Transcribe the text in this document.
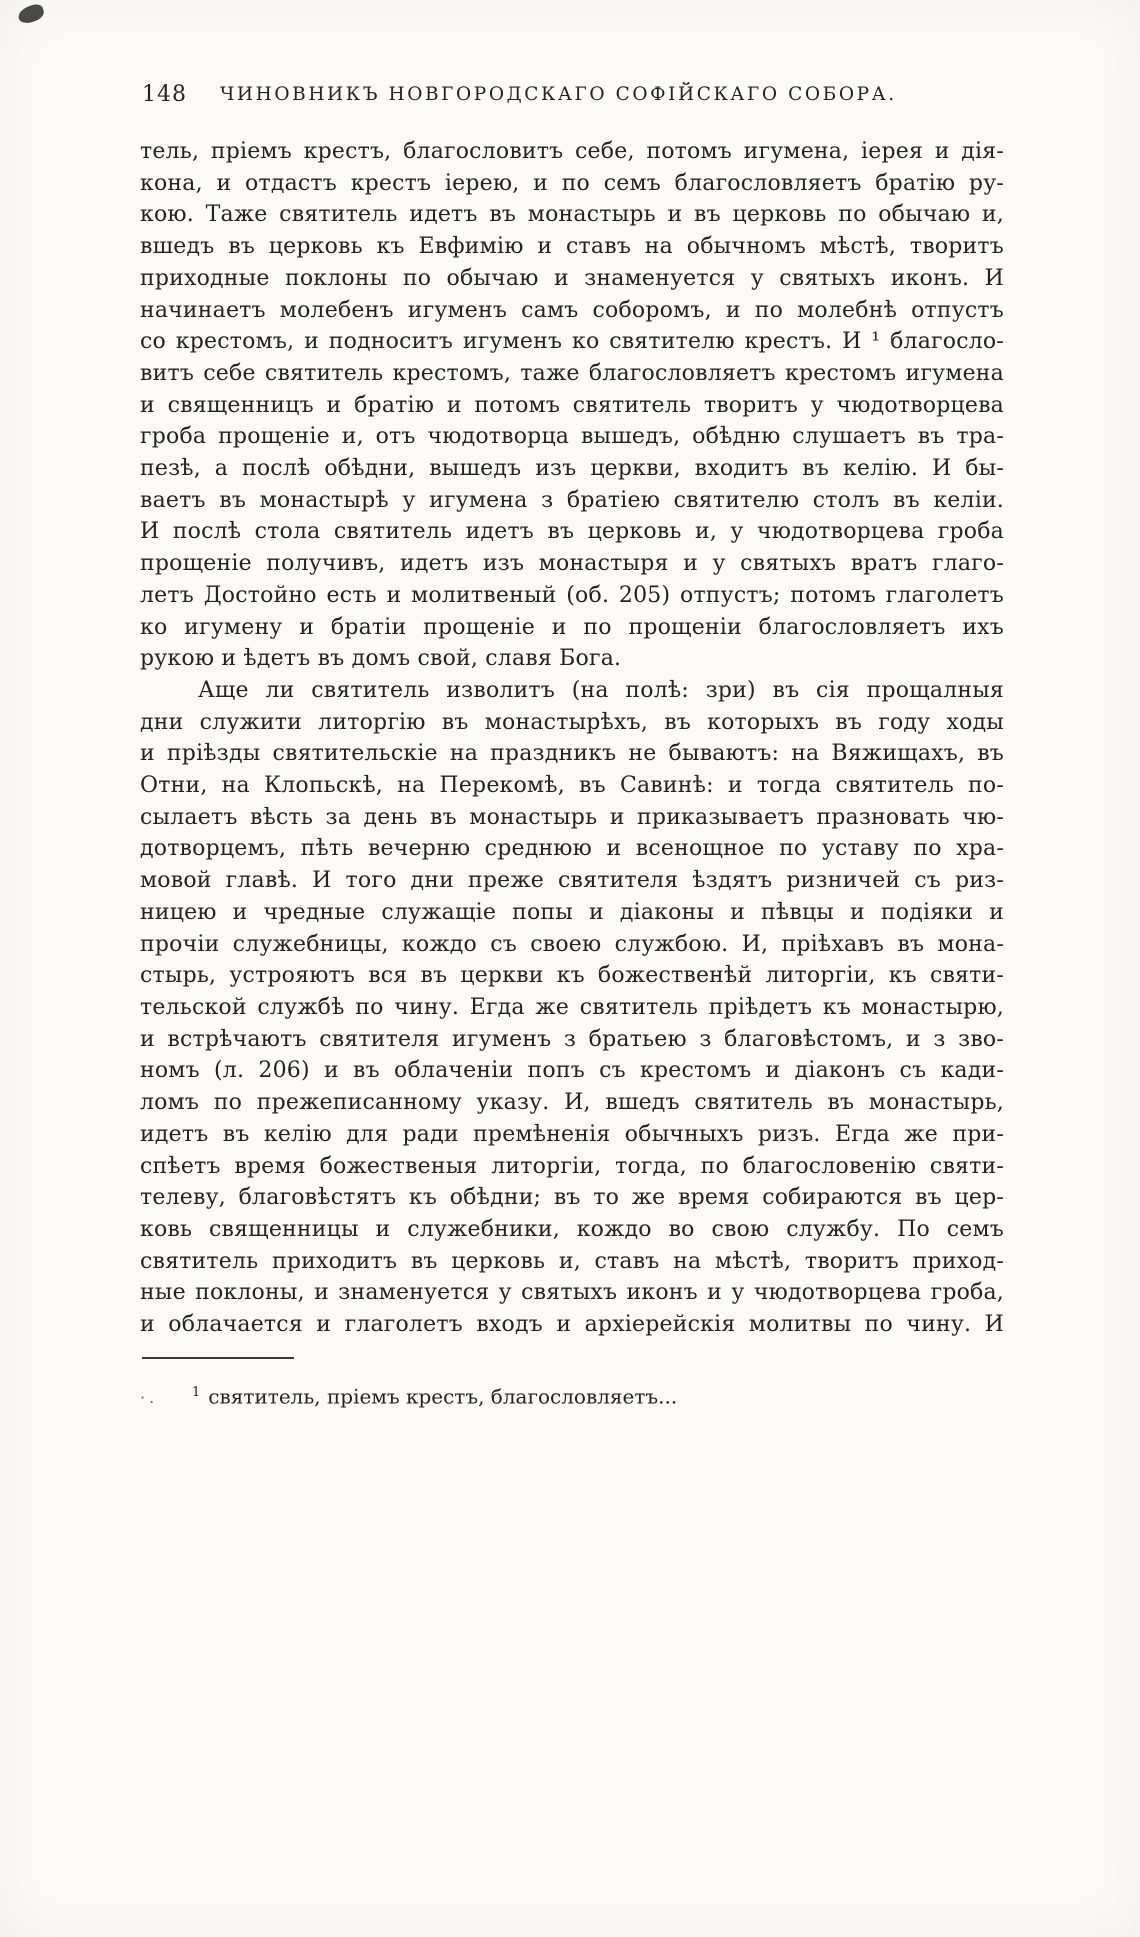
148 ЧИНОВНИКЪ НОВГОРОДСКАГО СОФІЙСКАГО СОБОРА.
тель, пріемъ крестъ, благословитъ себе, потомъ игумена, іерея и дія-
кона, и отдастъ крестъ іерею, и по семъ благословляетъ братію ру-
кою. Таже святитель идетъ въ монастырь и въ церковь по обычаю и,
вшедъ въ церковь къ Евфимію и ставъ на обычномъ мѣстѣ, творитъ
приходные поклоны по обычаю и знаменуется у святыхъ иконъ. И
начинаетъ молебенъ игуменъ самъ соборомъ, и по молебнѣ отпустъ
со крестомъ, и подноситъ игуменъ ко святителю крестъ. И ¹ благосло-
витъ себе святитель крестомъ, таже благословляетъ крестомъ игумена
и священницъ и братію и потомъ святитель творитъ у чюдотворцева
гроба прощеніе и, отъ чюдотворца вышедъ, обѣдню слушаетъ въ тра-
пезѣ, а послѣ обѣдни, вышедъ изъ церкви, входитъ въ келію. И бы-
ваетъ въ монастырѣ у игумена з братіею святителю столъ въ келіи.
И послѣ стола святитель идетъ въ церковь и, у чюдотворцева гроба
прощеніе получивъ, идетъ изъ монастыря и у святыхъ вратъ глаго-
летъ Достойно есть и молитвеный (об. 205) отпустъ; потомъ глаголетъ
ко игумену и братіи прощеніе и по прощеніи благословляетъ ихъ
рукою и ѣдетъ въ домъ свой, славя Бога.
Аще ли святитель изволитъ (на полѣ: зри) въ сія прощалныя
дни служити литоргію въ монастырѣхъ, въ которыхъ въ году ходы
и пріѣзды святительскіе на праздникъ не бываютъ: на Вяжищахъ, въ
Отни, на Клопьскѣ, на Перекомѣ, въ Савинѣ: и тогда святитель по-
сылаетъ вѣсть за день въ монастырь и приказываетъ празновать чю-
дотворцемъ, пѣть вечерню среднюю и всенощное по уставу по хра-
мовой главѣ. И того дни преже святителя ѣздятъ ризничей съ риз-
ницею и чредные служащіе попы и діаконы и пѣвцы и подіяки и
прочіи служебницы, кождо съ своею службою. И, пріѣхавъ въ мона-
стырь, устрояютъ вся въ церкви къ божественѣй литоргіи, къ святи-
тельской службѣ по чину. Егда же святитель пріѣдетъ къ монастырю,
и встрѣчаютъ святителя игуменъ з братьею з благовѣстомъ, и з зво-
номъ (л. 206) и въ облаченіи попъ съ крестомъ и діаконъ съ кади-
ломъ по прежеписанному указу. И, вшедъ святитель въ монастырь,
идетъ въ келію для ради премѣненія обычныхъ ризъ. Егда же при-
спѣетъ время божественыя литоргіи, тогда, по благословенію святи-
телеву, благовѣстятъ къ обѣдни; въ то же время собираются въ цер-
ковь священницы и служебники, кождо во свою службу. По семъ
святитель приходитъ въ церковь и, ставъ на мѣстѣ, творитъ приход-
ные поклоны, и знаменуется у святыхъ иконъ и у чюдотворцева гроба,
и облачается и глаголетъ входъ и архіерейскія молитвы по чину. И
·.	$^1$ святитель, пріемъ крестъ, благословляетъ...
